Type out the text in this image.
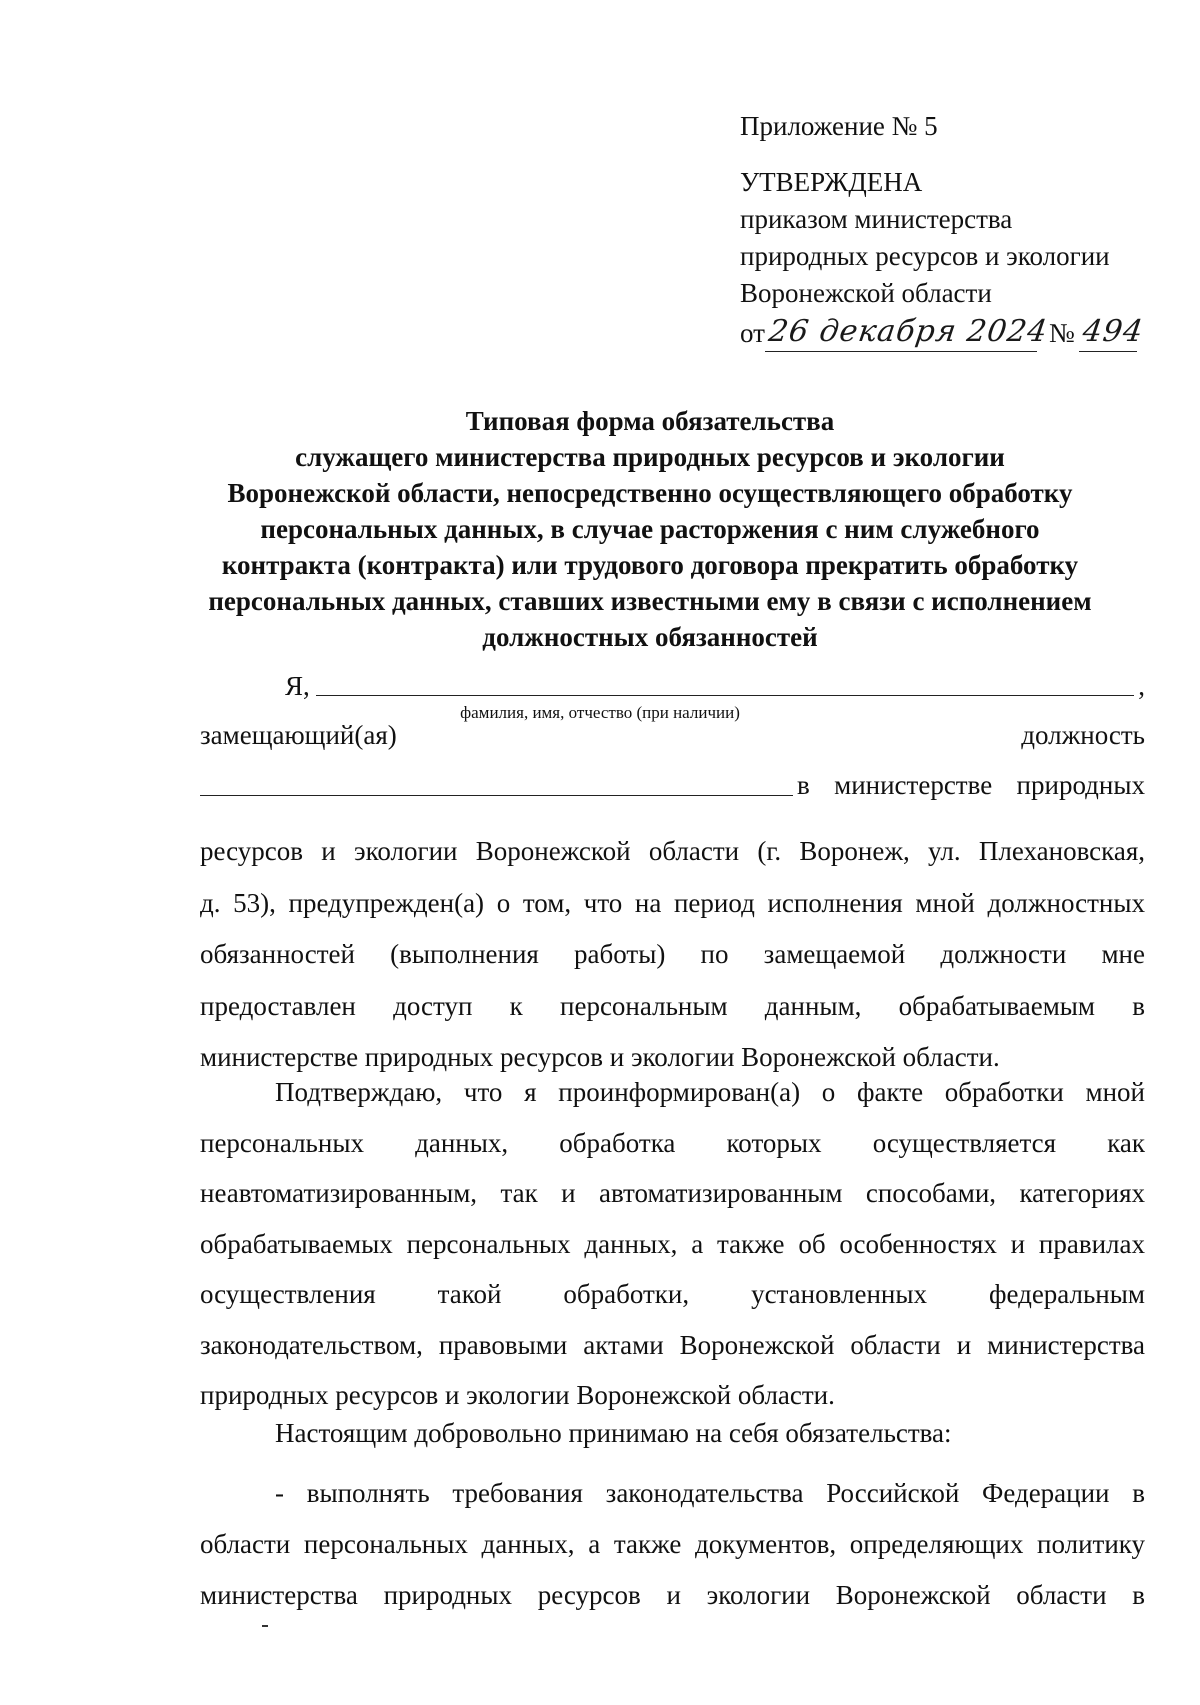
Приложение № 5
УТВЕРЖДЕНА
приказом министерства
природных ресурсов и экологии
Воронежской области
от 26 декабря 2024
№ 494
Типовая форма обязательства
служащего министерства природных ресурсов и экологии
Воронежской области, непосредственно осуществляющего обработку
персональных данных, в случае расторжения с ним служебного
контракта (контракта) или трудового договора прекратить обработку
персональных данных, ставших известными ему в связи с исполнением
должностных обязанностей
Я,	,
фамилия, имя, отчество (при наличии)
замещающий(ая)	должность
в министерстве природных
ресурсов и экологии Воронежской области (г. Воронеж, ул. Плехановская,
д. 53), предупрежден(а) о том, что на период исполнения мной должностных
обязанностей (выполнения работы) по замещаемой должности мне
предоставлен доступ к персональным данным, обрабатываемым в
министерстве природных ресурсов и экологии Воронежской области.
Подтверждаю, что я проинформирован(а) о факте обработки мной
персональных данных, обработка которых осуществляется как
неавтоматизированным, так и автоматизированным способами, категориях
обрабатываемых персональных данных, а также об особенностях и правилах
осуществления такой обработки, установленных федеральным
законодательством, правовыми актами Воронежской области и министерства
природных ресурсов и экологии Воронежской области.
Настоящим добровольно принимаю на себя обязательства:
- выполнять требования законодательства Российской Федерации в
области персональных данных, а также документов, определяющих политику
министерства природных ресурсов и экологии Воронежской области в
